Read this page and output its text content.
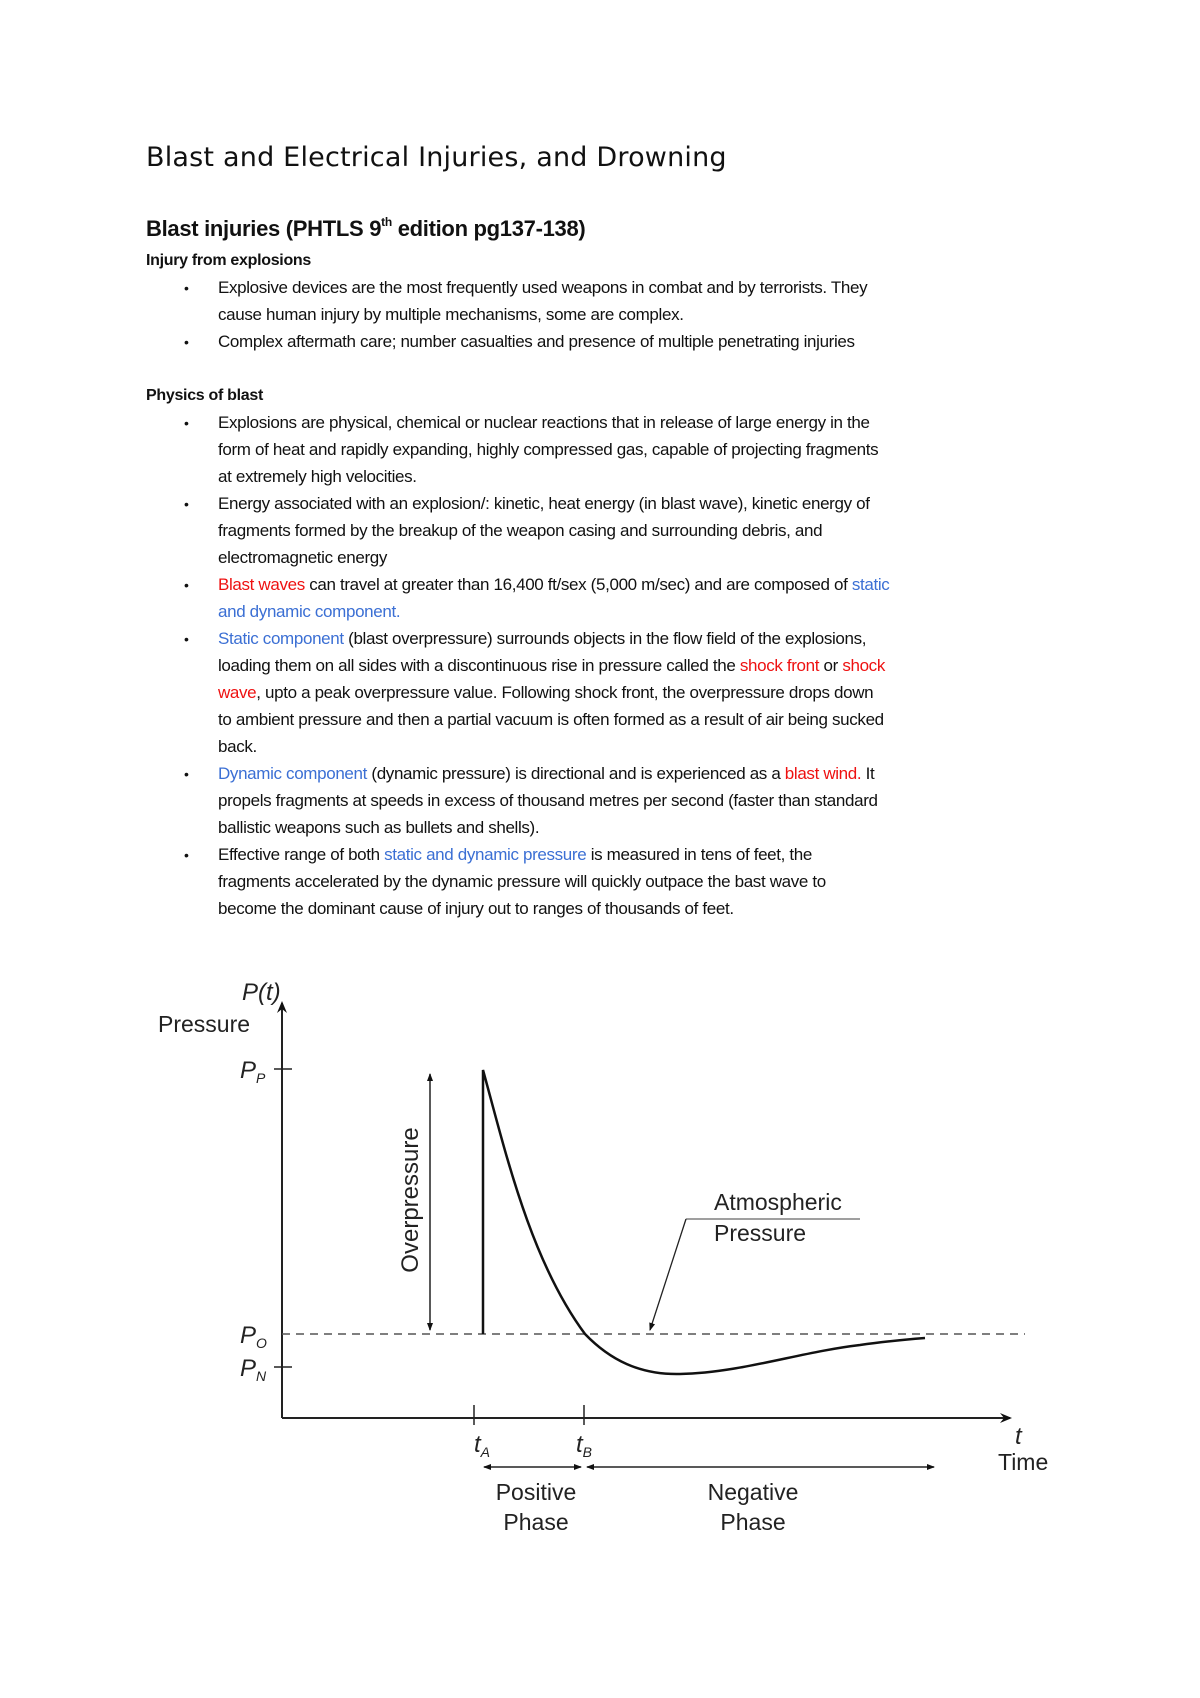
Blast and Electrical Injuries, and Drowning
Blast injuries (PHTLS 9th edition pg137-138)
Injury from explosions
• Explosive devices are the most frequently used weapons in combat and by terrorists. They
cause human injury by multiple mechanisms, some are complex.
• Complex aftermath care; number casualties and presence of multiple penetrating injuries
Physics of blast
• Explosions are physical, chemical or nuclear reactions that in release of large energy in the
form of heat and rapidly expanding, highly compressed gas, capable of projecting fragments
at extremely high velocities.
• Energy associated with an explosion/: kinetic, heat energy (in blast wave), kinetic energy of
fragments formed by the breakup of the weapon casing and surrounding debris, and
electromagnetic energy
• Blast waves can travel at greater than 16,400 ft/sex (5,000 m/sec) and are composed of static
and dynamic component.
• Static component (blast overpressure) surrounds objects in the flow field of the explosions,
loading them on all sides with a discontinuous rise in pressure called the shock front or shock
wave, upto a peak overpressure value. Following shock front, the overpressure drops down
to ambient pressure and then a partial vacuum is often formed as a result of air being sucked
back.
• Dynamic component (dynamic pressure) is directional and is experienced as a blast wind. It
propels fragments at speeds in excess of thousand metres per second (faster than standard
ballistic weapons such as bullets and shells).
• Effective range of both static and dynamic pressure is measured in tens of feet, the
fragments accelerated by the dynamic pressure will quickly outpace the bast wave to
become the dominant cause of injury out to ranges of thousands of feet.
P(t)
Pressure
$P_P$
$P_O$
$P_N$
Overpressure	Atmospheric
Pressure
$t_A$	$t_B$
t
Time
Positive
Phase
Negative
Phase
